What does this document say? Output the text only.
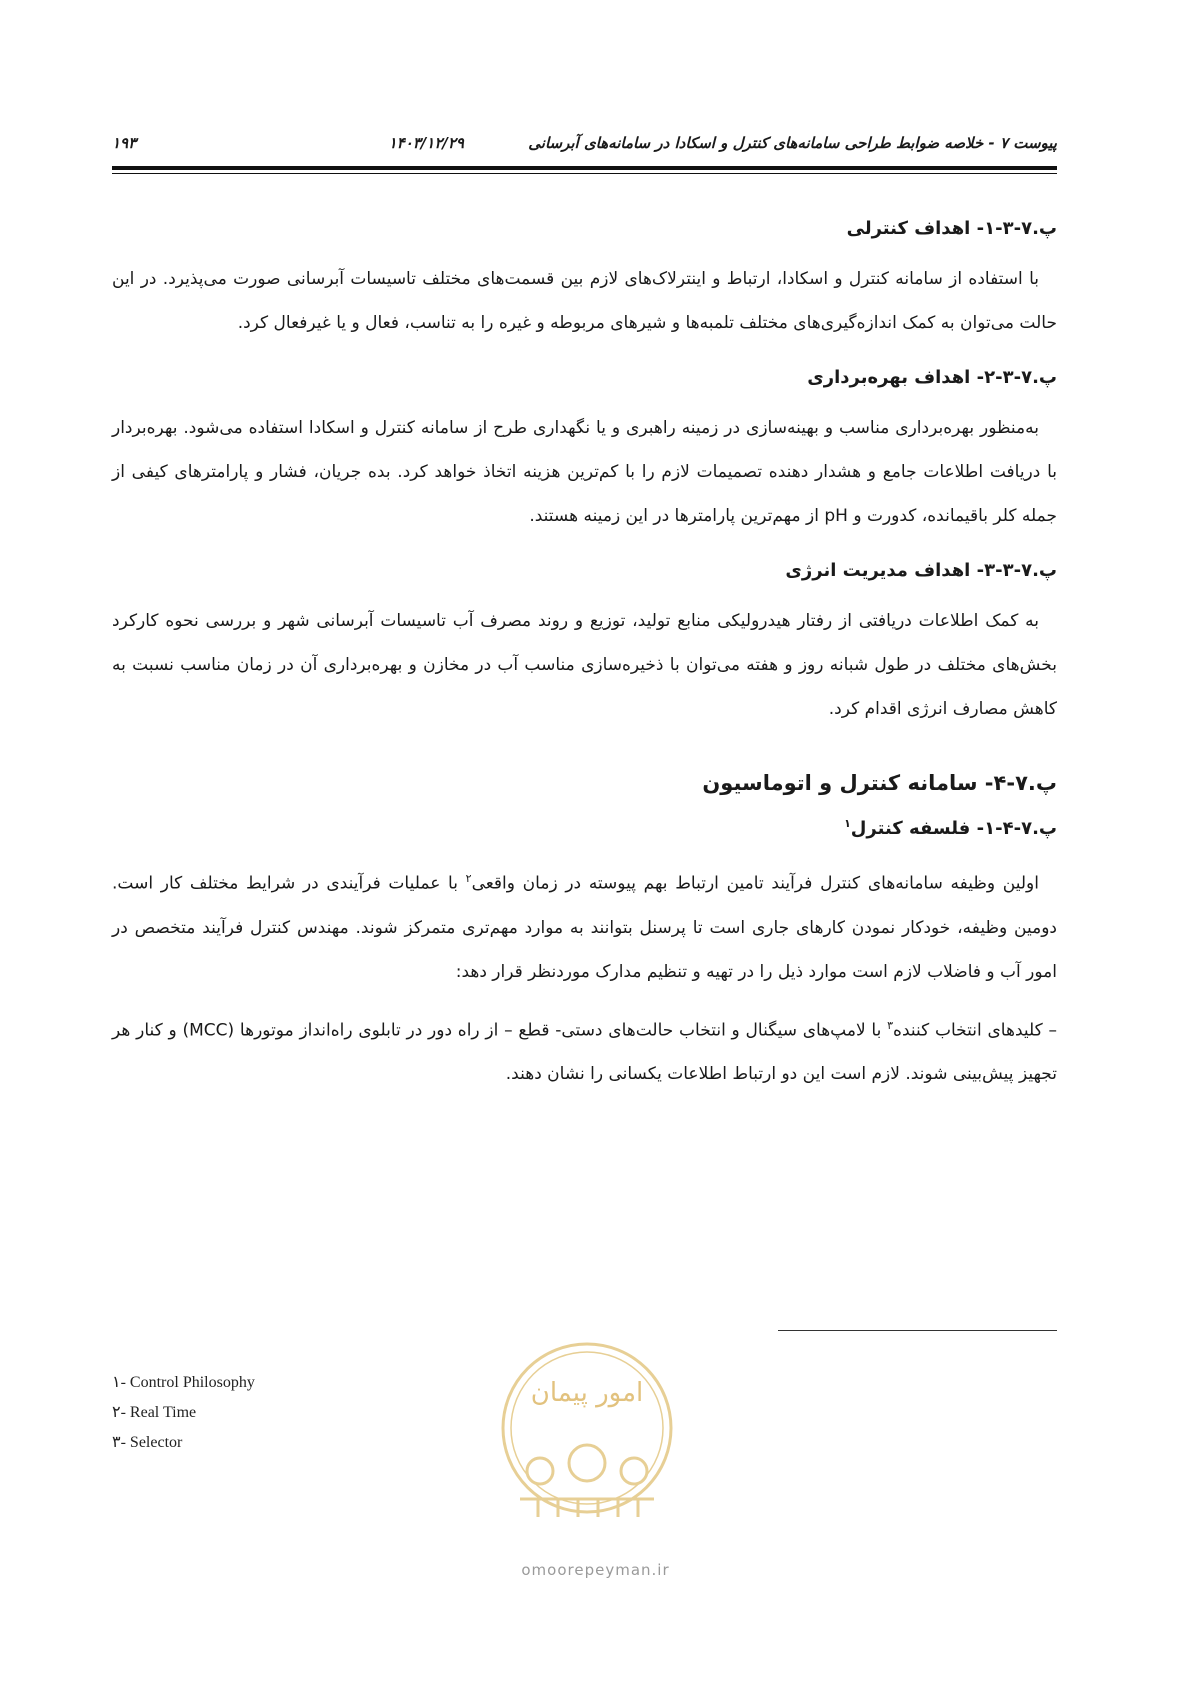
پیوست ۷ - خلاصه ضوابط طراحی سامانه‌های کنترل و اسکادا در سامانه‌های آبرسانی
۱۴۰۳/۱۲/۲۹
۱۹۳
پ.۷-۳-۱- اهداف کنترلی

با استفاده از سامانه کنترل و اسکادا، ارتباط و اینترلاک‌های لازم بین قسمت‌های مختلف تاسیسات آبرسانی صورت می‌پذیرد. در این حالت می‌توان به کمک اندازه‌گیری‌های مختلف تلمبه‌ها و شیرهای مربوطه و غیره را به تناسب، فعال و یا غیرفعال کرد.

پ.۷-۳-۲- اهداف بهره‌برداری

به‌منظور بهره‌برداری مناسب و بهینه‌سازی در زمینه راهبری و یا نگهداری طرح از سامانه کنترل و اسکادا استفاده می‌شود. بهره‌بردار با دریافت اطلاعات جامع و هشدار دهنده تصمیمات لازم را با کم‌ترین هزینه اتخاذ خواهد کرد. بده جریان، فشار و پارامترهای کیفی از جمله کلر باقیمانده، کدورت و pH از مهم‌ترین پارامترها در این زمینه هستند.

پ.۷-۳-۳- اهداف مدیریت انرژی

به کمک اطلاعات دریافتی از رفتار هیدرولیکی منابع تولید، توزیع و روند مصرف آب تاسیسات آبرسانی شهر و بررسی نحوه کارکرد بخش‌های مختلف در طول شبانه روز و هفته می‌توان با ذخیره‌سازی مناسب آب در مخازن و بهره‌برداری آن در زمان مناسب نسبت به کاهش مصارف انرژی اقدام کرد.

پ.۷-۴- سامانه کنترل و اتوماسیون
پ.۷-۴-۱- فلسفه کنترل$^۱$

اولین وظیفه سامانه‌های کنترل فرآیند تامین ارتباط بهم پیوسته در زمان واقعی$^۲$ با عملیات فرآیندی در شرایط مختلف کار است. دومین وظیفه، خودکار نمودن کارهای جاری است تا پرسنل بتوانند به موارد مهم‌تری متمرکز شوند. مهندس کنترل فرآیند متخصص در امور آب و فاضلاب لازم است موارد ذیل را در تهیه و تنظیم مدارک مورد‌نظر قرار دهد:

– کلیدهای انتخاب کننده$^۳$ با لامپ‌های سیگنال و انتخاب حالت‌های دستی- قطع – از راه دور در تابلوی راه‌انداز موتورها (MCC) و کنار هر تجهیز پیش‌بینی شوند. لازم است این دو ارتباط اطلاعات یکسانی را نشان دهند.
۱- Control Philosophy
۲- Real Time
۳- Selector
امور پیمان
omoorepeyman.ir
